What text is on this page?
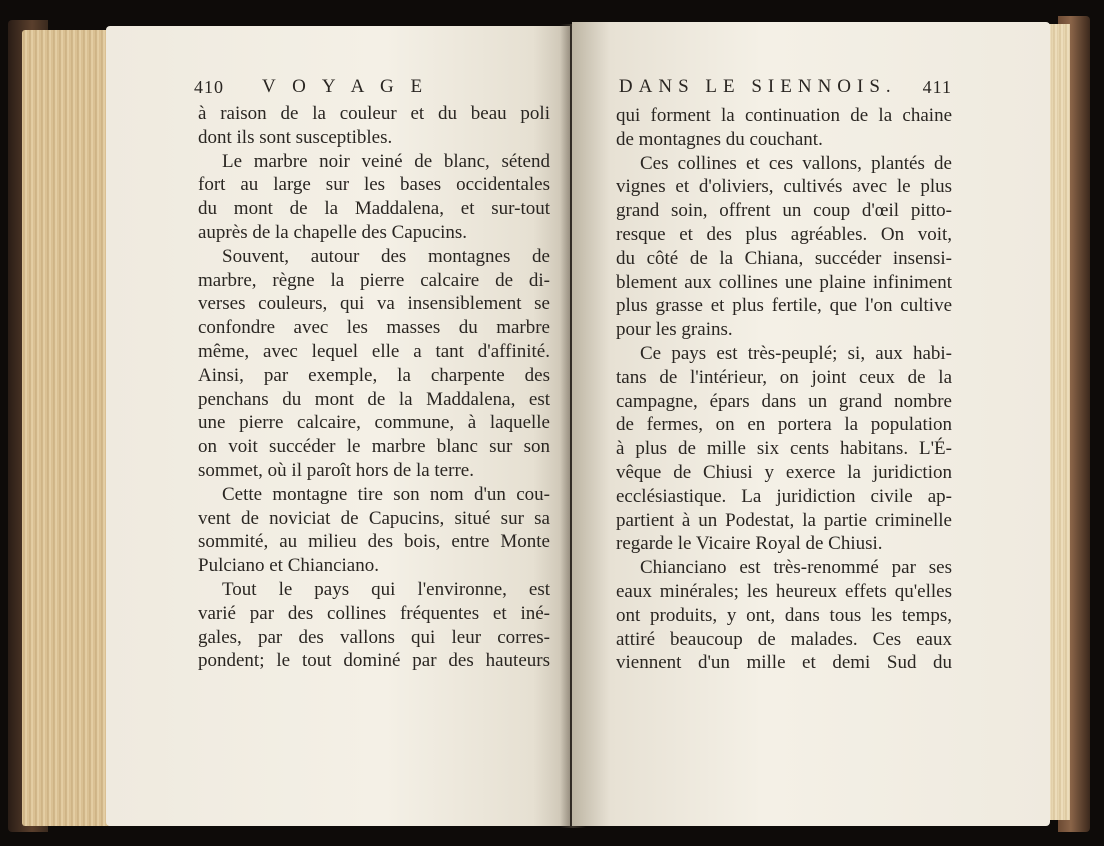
410 V O Y A G E
à raison de la couleur et du beau poli
dont ils sont susceptibles.
Le marbre noir veiné de blanc, sétend
fort au large sur les bases occidentales
du mont de la Maddalena, et sur-tout
auprès de la chapelle des Capucins.
Souvent, autour des montagnes de
marbre, règne la pierre calcaire de di-
verses couleurs, qui va insensiblement se
confondre avec les masses du marbre
même, avec lequel elle a tant d'affinité.
Ainsi, par exemple, la charpente des
penchans du mont de la Maddalena, est
une pierre calcaire, commune, à laquelle
on voit succéder le marbre blanc sur son
sommet, où il paroît hors de la terre.
Cette montagne tire son nom d'un cou-
vent de noviciat de Capucins, situé sur sa
sommité, au milieu des bois, entre Monte
Pulciano et Chianciano.
Tout le pays qui l'environne, est
varié par des collines fréquentes et iné-
gales, par des vallons qui leur corres-
pondent; le tout dominé par des hauteurs
DANS LE SIENNOIS. 411
qui forment la continuation de la chaine
de montagnes du couchant.
Ces collines et ces vallons, plantés de
vignes et d'oliviers, cultivés avec le plus
grand soin, offrent un coup d'œil pitto-
resque et des plus agréables. On voit,
du côté de la Chiana, succéder insensi-
blement aux collines une plaine infiniment
plus grasse et plus fertile, que l'on cultive
pour les grains.
Ce pays est très-peuplé; si, aux habi-
tans de l'intérieur, on joint ceux de la
campagne, épars dans un grand nombre
de fermes, on en portera la population
à plus de mille six cents habitans. L'É-
vêque de Chiusi y exerce la juridiction
ecclésiastique. La juridiction civile ap-
partient à un Podestat, la partie criminelle
regarde le Vicaire Royal de Chiusi.
Chianciano est très-renommé par ses
eaux minérales; les heureux effets qu'elles
ont produits, y ont, dans tous les temps,
attiré beaucoup de malades. Ces eaux
viennent d'un mille et demi Sud du
